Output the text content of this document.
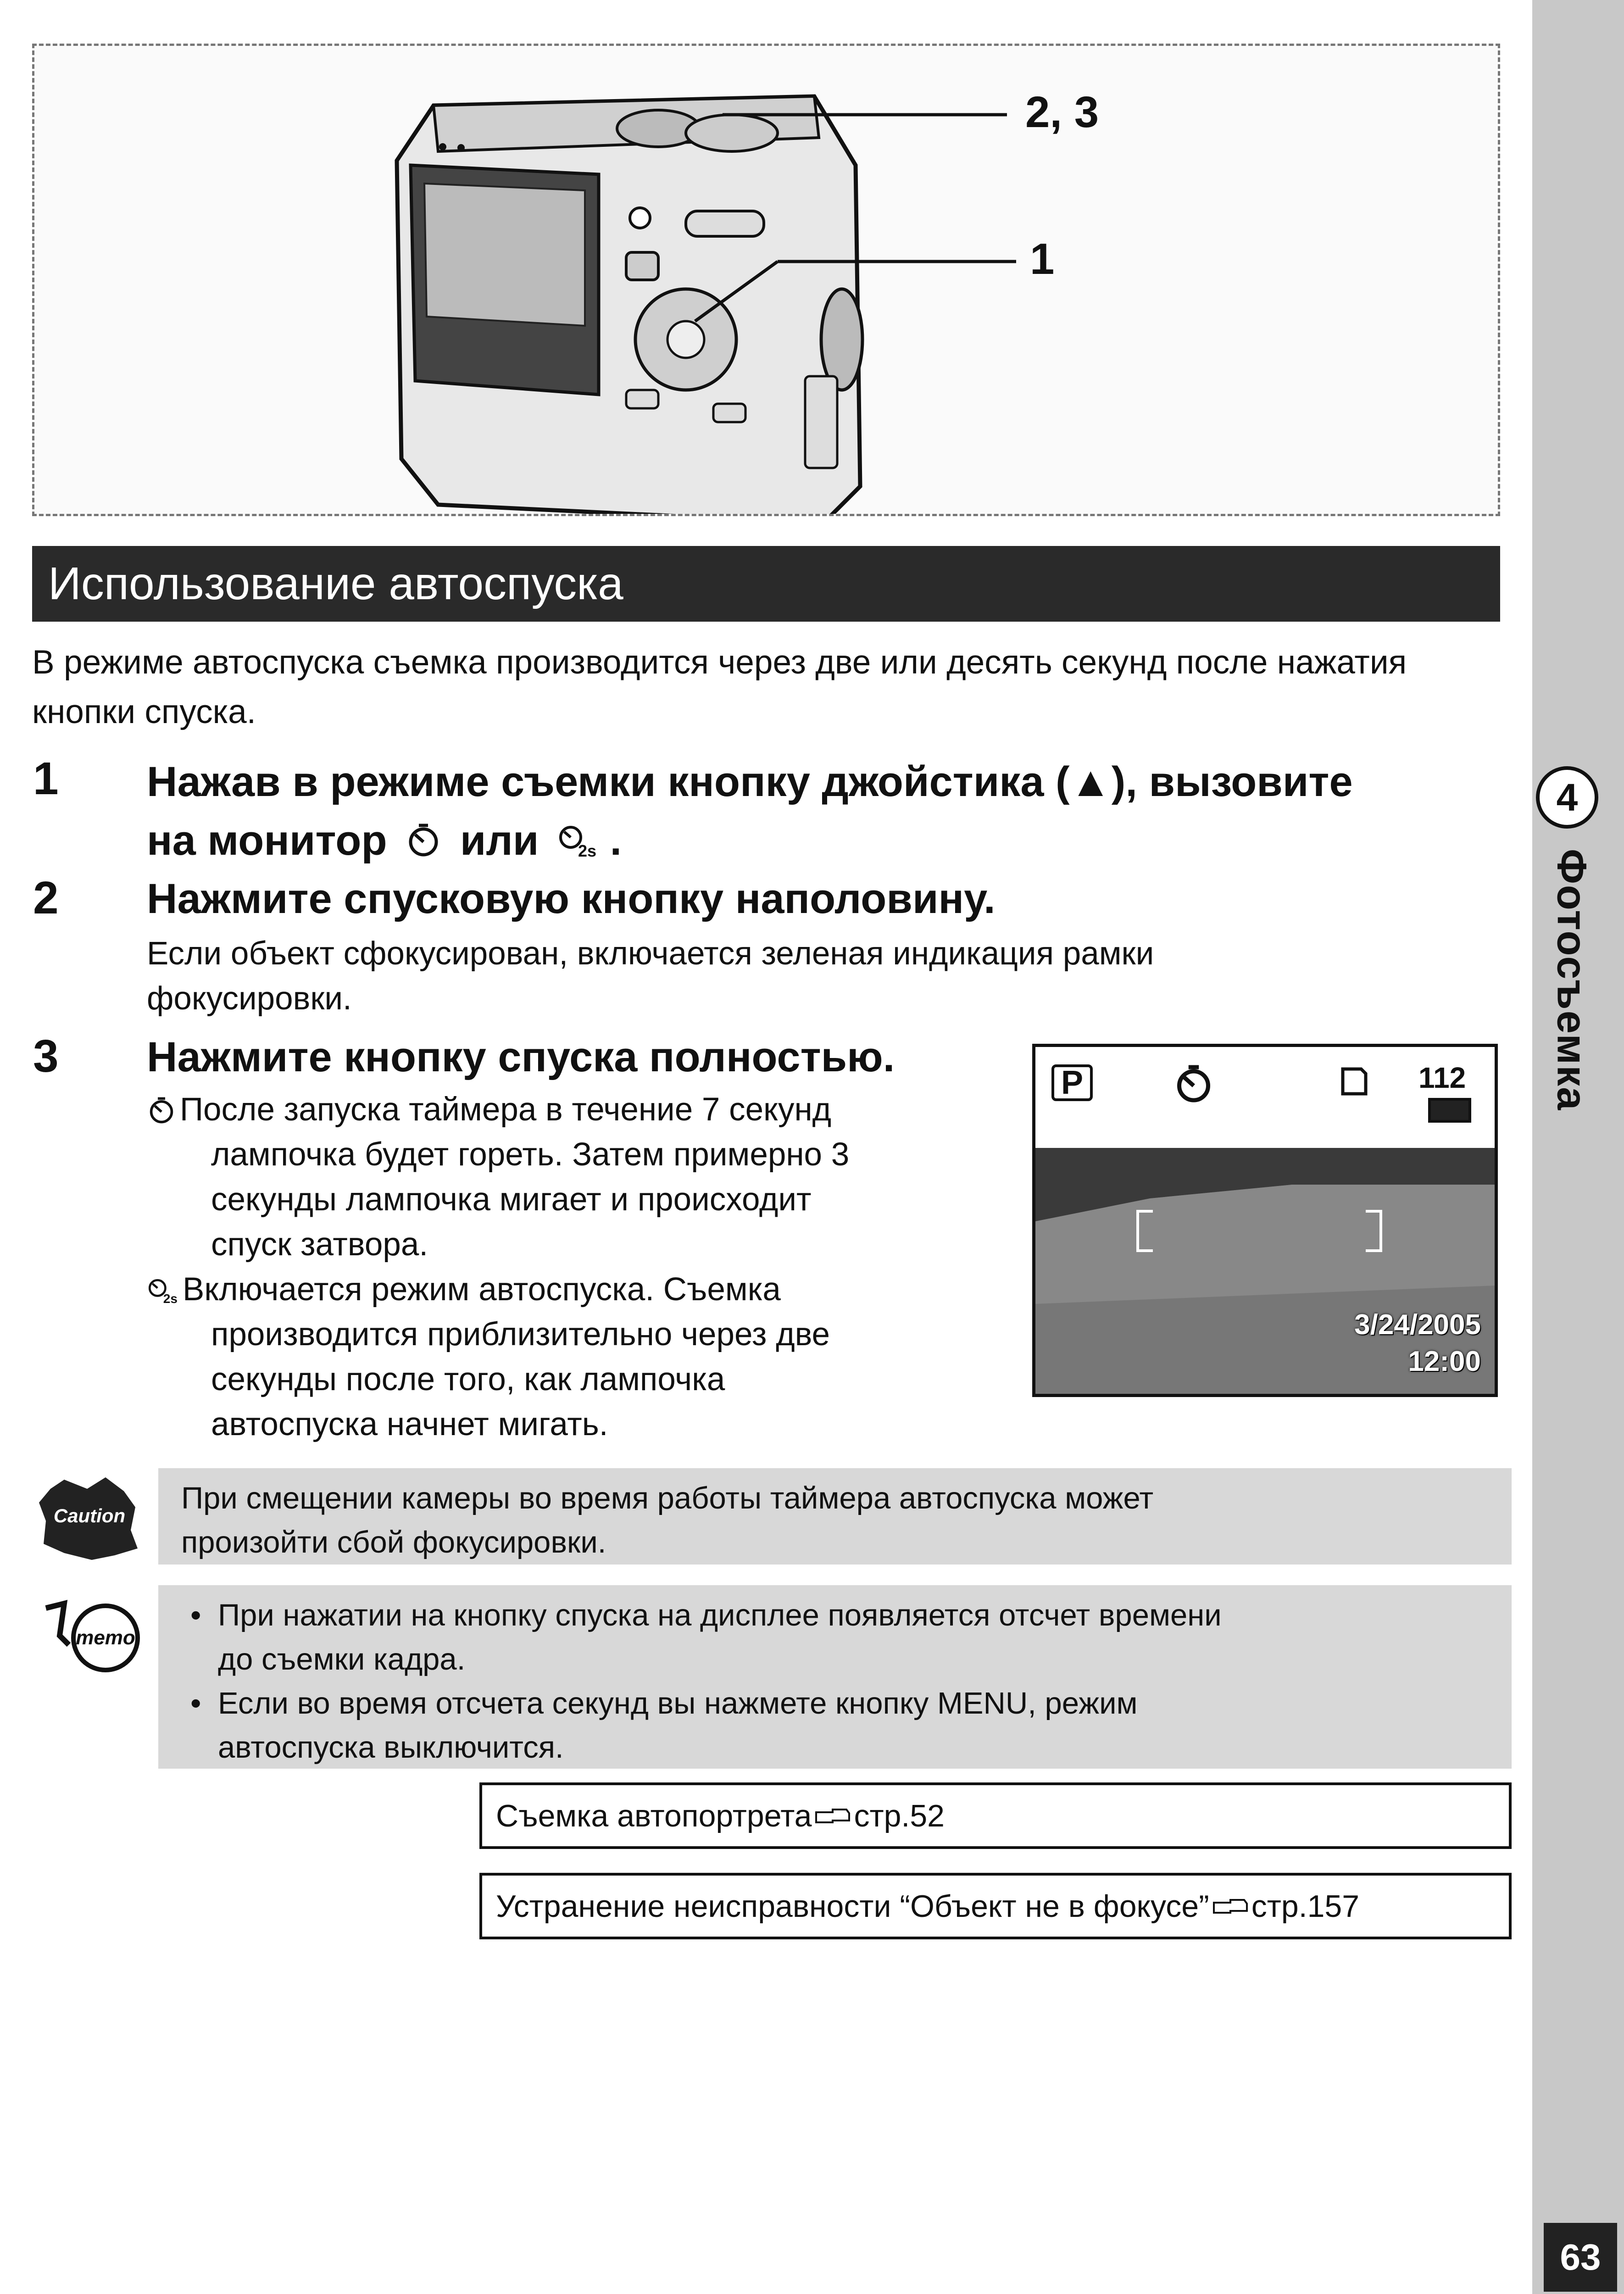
4
Фотосъемка
63
2, 3
1
Использование автоспуска
В режиме автоспуска съемка производится через две или десять секунд после нажатия кнопки спуска.
1 Нажав в режиме съемки кнопку джойстика (▲), вызовите
на монитор или 2s .
2 Нажмите спусковую кнопку наполовину.
Если объект сфокусирован, включается зеленая индикация рамки фокусировки.
3 Нажмите кнопку спуска полностью.
После запуска таймера в течение 7 секунд
лампочка будет гореть. Затем примерно 3
секунды лампочка мигает и происходит
спуск затвора.
2s Включается режим автоспуска. Съемка
производится приблизительно через две
секунды после того, как лампочка
автоспуска начнет мигать.
P	112
3/24/2005
12:00
Caution
При смещении камеры во время работы таймера автоспуска может
произойти сбой фокусировки.
memo
• При нажатии на кнопку спуска на дисплее появляется отсчет времени
до съемки кадра.
• Если во время отсчета секунд вы нажмете кнопку MENU, режим
автоспуска выключится.
Съемка автопортрета стр.52
Устранение неисправности “Объект не в фокусе” стр.157
